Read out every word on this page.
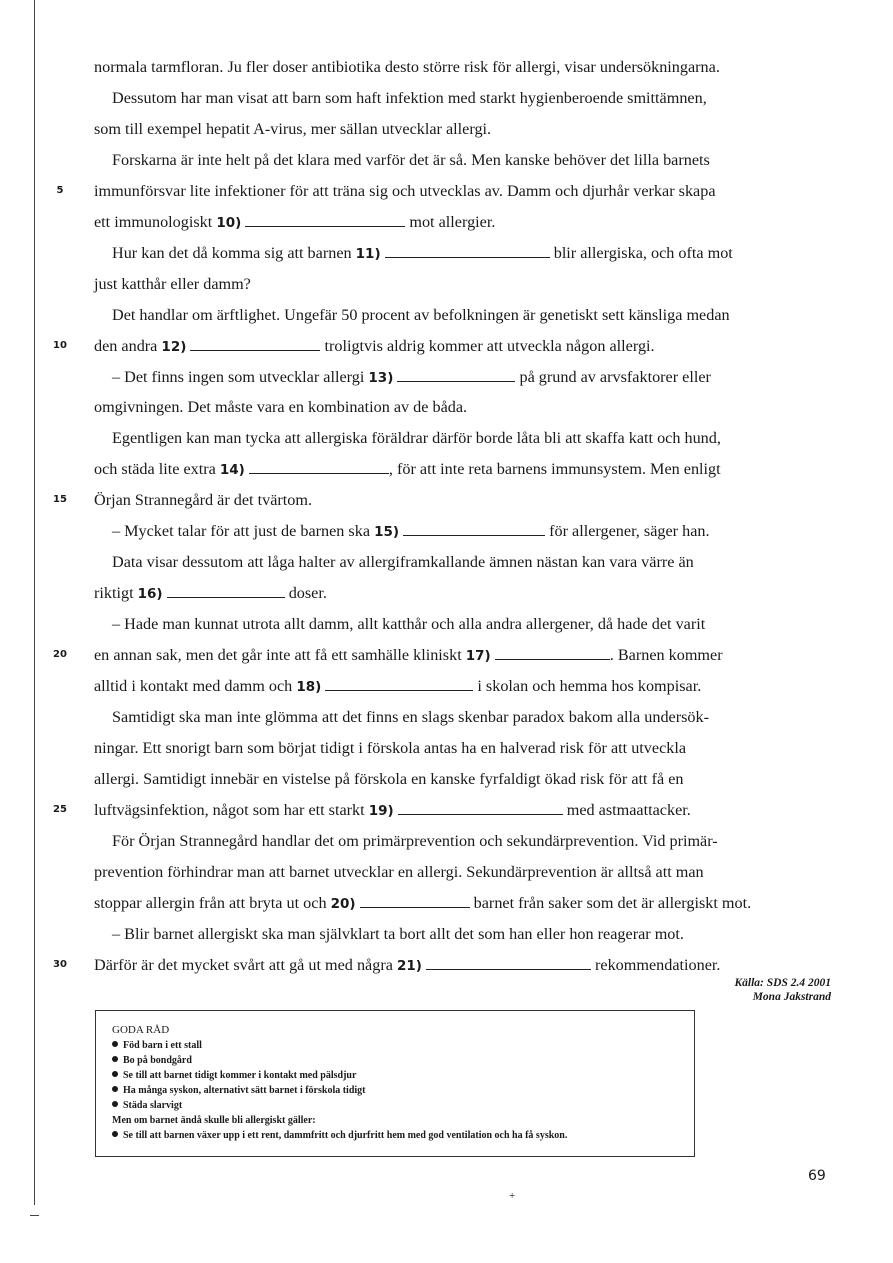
normala tarmfloran. Ju fler doser antibiotika desto större risk för allergi, visar undersökningarna.
Dessutom har man visat att barn som haft infektion med starkt hygienberoende smittämnen,
som till exempel hepatit A-virus, mer sällan utvecklar allergi.
Forskarna är inte helt på det klara med varför det är så. Men kanske behöver det lilla barnets
5	immunförsvar lite infektioner för att träna sig och utvecklas av. Damm och djurhår verkar skapa
ett immunologiskt 10)	mot allergier.
Hur kan det då komma sig att barnen 11)	blir allergiska, och ofta mot
just katthår eller damm?
Det handlar om ärftlighet. Ungefär 50 procent av befolkningen är genetiskt sett känsliga medan
10	den andra 12)	troligtvis aldrig kommer att utveckla någon allergi.
– Det finns ingen som utvecklar allergi 13)	på grund av arvsfaktorer eller
omgivningen. Det måste vara en kombination av de båda.
Egentligen kan man tycka att allergiska föräldrar därför borde låta bli att skaffa katt och hund,
och städa lite extra 14)	, för att inte reta barnens immunsystem. Men enligt
15	Örjan Strannegård är det tvärtom.
– Mycket talar för att just de barnen ska 15)	för allergener, säger han.
Data visar dessutom att låga halter av allergiframkallande ämnen nästan kan vara värre än
riktigt 16)	doser.
– Hade man kunnat utrota allt damm, allt katthår och alla andra allergener, då hade det varit
20	en annan sak, men det går inte att få ett samhälle kliniskt 17)	. Barnen kommer
alltid i kontakt med damm och 18)	i skolan och hemma hos kompisar.
Samtidigt ska man inte glömma att det finns en slags skenbar paradox bakom alla undersök-
ningar. Ett snorigt barn som börjat tidigt i förskola antas ha en halverad risk för att utveckla
allergi. Samtidigt innebär en vistelse på förskola en kanske fyrfaldigt ökad risk för att få en
25	luftvägsinfektion, något som har ett starkt 19)	med astmaattacker.
För Örjan Strannegård handlar det om primärprevention och sekundärprevention. Vid primär-
prevention förhindrar man att barnet utvecklar en allergi. Sekundärprevention är alltså att man
stoppar allergin från att bryta ut och 20)	barnet från saker som det är allergiskt mot.
– Blir barnet allergiskt ska man självklart ta bort allt det som han eller hon reagerar mot.
30	Därför är det mycket svårt att gå ut med några 21)	rekommendationer.
Källa: SDS 2.4 2001
Mona Jakstrand
GODA RÅD
Föd barn i ett stall
Bo på bondgård
Se till att barnet tidigt kommer i kontakt med pälsdjur
Ha många syskon, alternativt sätt barnet i förskola tidigt
Städa slarvigt
Men om barnet ändå skulle bli allergiskt gäller:
Se till att barnen växer upp i ett rent, dammfritt och djurfritt hem med god ventilation och ha få syskon.
69
+
